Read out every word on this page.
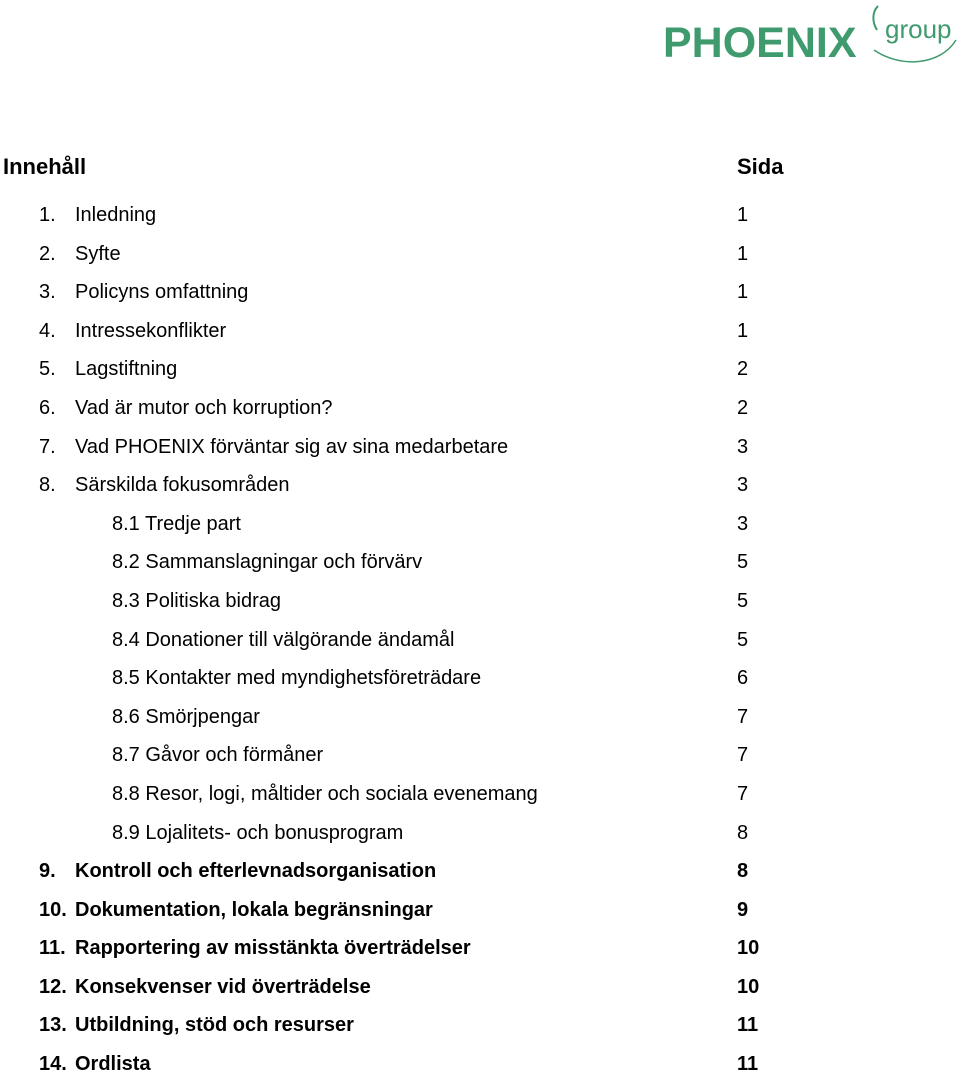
PHOENIX group
Innehåll	Sida
1. Inledning	1
2. Syfte	1
3. Policyns omfattning	1
4. Intressekonflikter	1
5. Lagstiftning	2
6. Vad är mutor och korruption?	2
7. Vad PHOENIX förväntar sig av sina medarbetare	3
8. Särskilda fokusområden	3
8.1 Tredje part	3
8.2 Sammanslagningar och förvärv	5
8.3 Politiska bidrag	5
8.4 Donationer till välgörande ändamål	5
8.5 Kontakter med myndighetsföreträdare	6
8.6 Smörjpengar	7
8.7 Gåvor och förmåner	7
8.8 Resor, logi, måltider och sociala evenemang	7
8.9 Lojalitets- och bonusprogram	8
9. Kontroll och efterlevnadsorganisation	8
10. Dokumentation, lokala begränsningar	9
11. Rapportering av misstänkta överträdelser	10
12. Konsekvenser vid överträdelse	10
13. Utbildning, stöd och resurser	11
14. Ordlista	11
